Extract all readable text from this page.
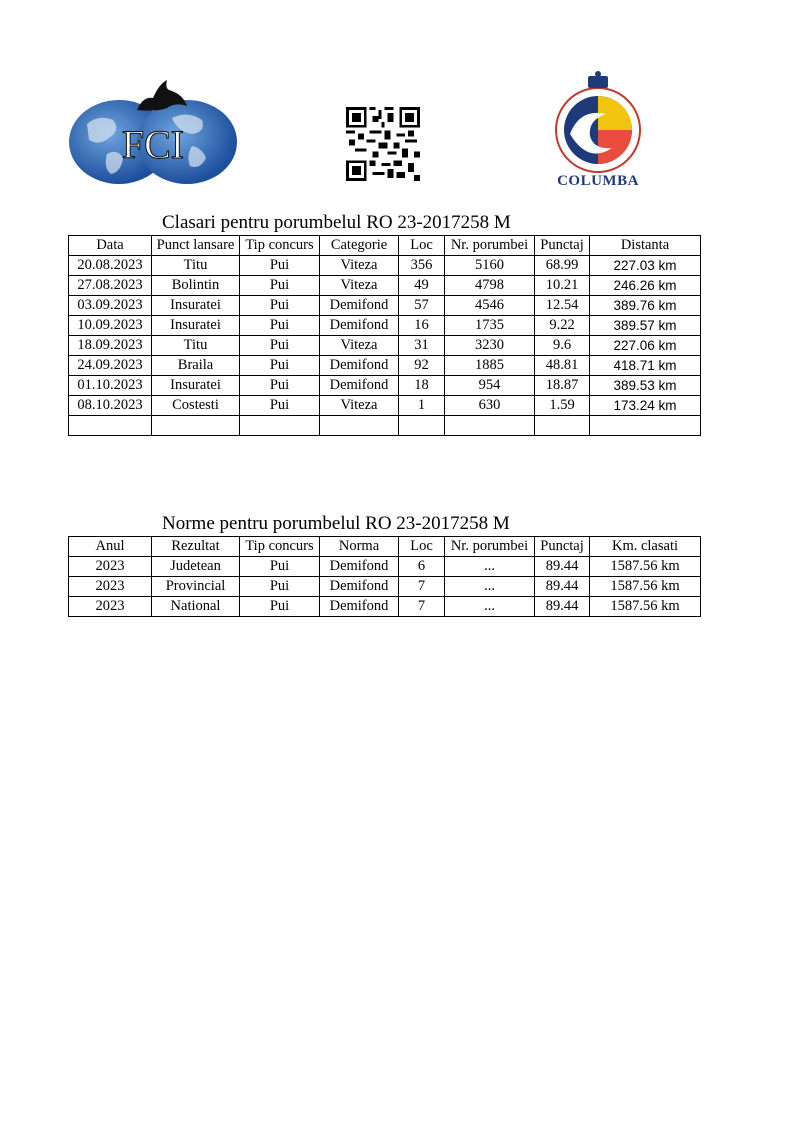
FCI
COLUMBA
Clasari pentru porumbelul RO 23-2017258 M
Data	Punct lansare	Tip concurs	Categorie	Loc	Nr. porumbei	Punctaj	Distanta
20.08.2023	Titu	Pui	Viteza	356	5160	68.99	227.03 km
27.08.2023	Bolintin	Pui	Viteza	49	4798	10.21	246.26 km
03.09.2023	Insuratei	Pui	Demifond	57	4546	12.54	389.76 km
10.09.2023	Insuratei	Pui	Demifond	16	1735	9.22	389.57 km
18.09.2023	Titu	Pui	Viteza	31	3230	9.6	227.06 km
24.09.2023	Braila	Pui	Demifond	92	1885	48.81	418.71 km
01.10.2023	Insuratei	Pui	Demifond	18	954	18.87	389.53 km
08.10.2023	Costesti	Pui	Viteza	1	630	1.59	173.24 km

Norme pentru porumbelul RO 23-2017258 M
Anul	Rezultat	Tip concurs	Norma	Loc	Nr. porumbei	Punctaj	Km. clasati
2023	Judetean	Pui	Demifond	6	...	89.44	1587.56 km
2023	Provincial	Pui	Demifond	7	...	89.44	1587.56 km
2023	National	Pui	Demifond	7	...	89.44	1587.56 km
